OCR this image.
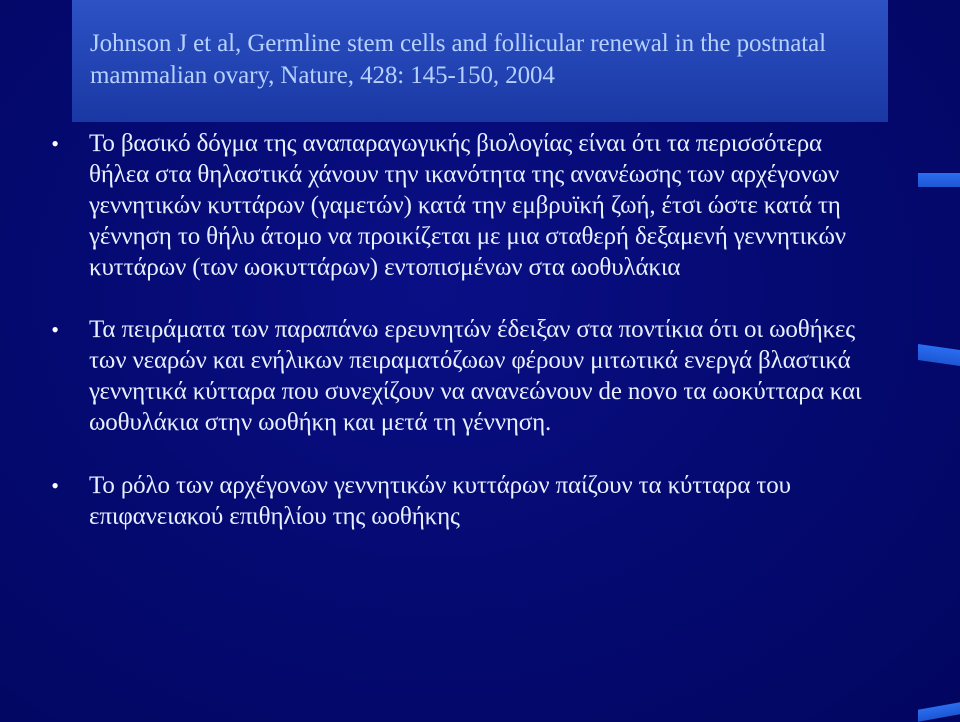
Johnson J et al, Germline stem cells and follicular renewal in the postnatal mammalian ovary, Nature, 428: 145-150, 2004
• Το βασικό δόγμα της αναπαραγωγικής βιολογίας είναι ότι τα περισσότερα θήλεα στα θηλαστικά χάνουν την ικανότητα της ανανέωσης των αρχέγονων γεννητικών κυττάρων (γαμετών) κατά την εμβρυϊκή ζωή, έτσι ώστε κατά τη γέννηση το θήλυ άτομο να προικίζεται με μια σταθερή δεξαμενή γεννητικών κυττάρων (των ωοκυττάρων) εντοπισμένων στα ωοθυλάκια
• Τα πειράματα των παραπάνω ερευνητών έδειξαν στα ποντίκια ότι οι ωοθήκες των νεαρών και ενήλικων πειραματόζωων φέρουν μιτωτικά ενεργά βλαστικά γεννητικά κύτταρα που συνεχίζουν να ανανεώνουν de novo τα ωοκύτταρα και ωοθυλάκια στην ωοθήκη και μετά τη γέννηση.
• Το ρόλο των αρχέγονων γεννητικών κυττάρων παίζουν τα κύτταρα του επιφανειακού επιθηλίου της ωοθήκης
